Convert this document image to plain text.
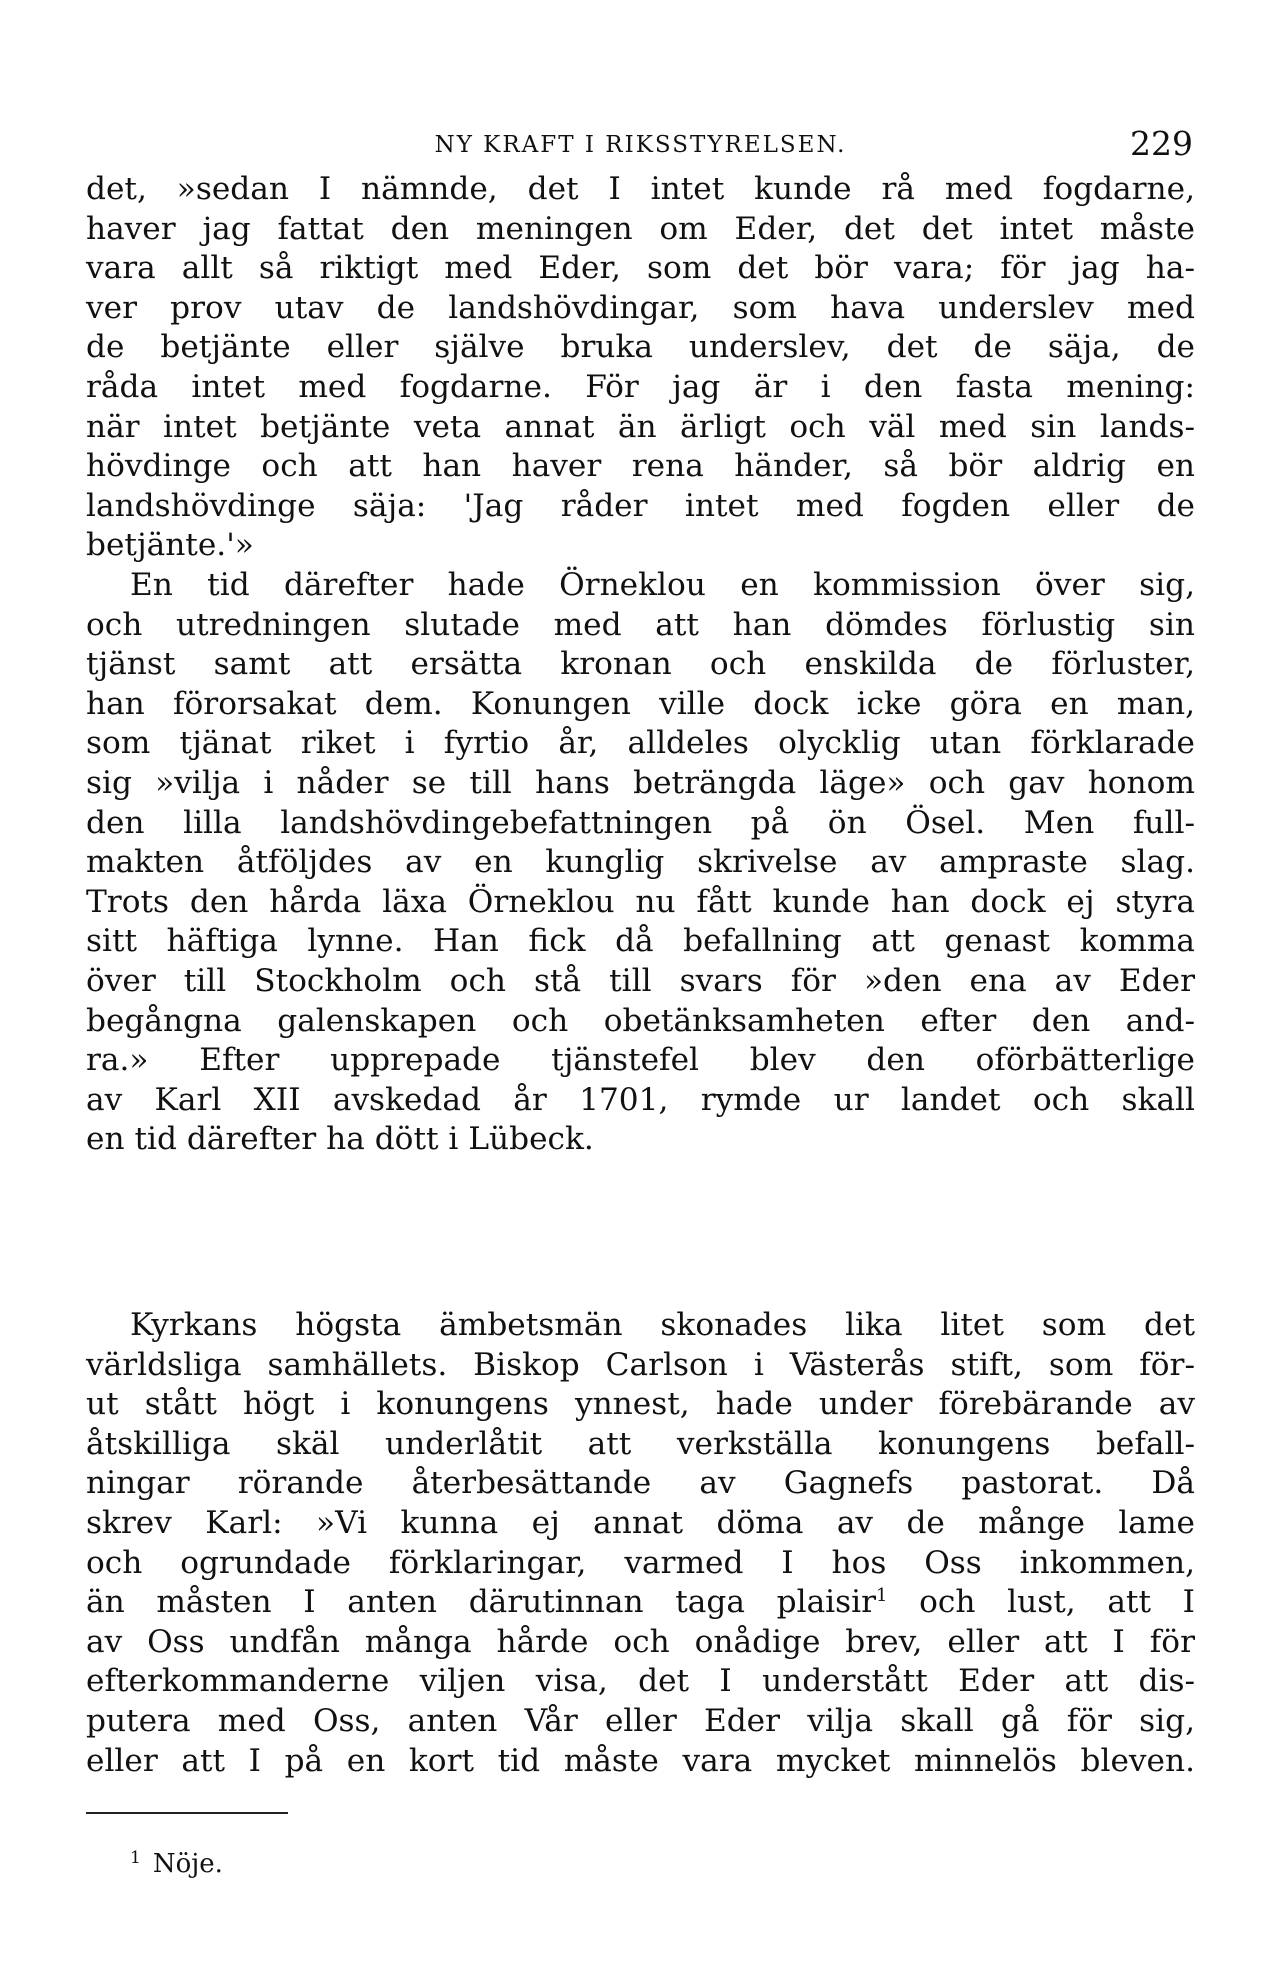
NY KRAFT I RIKSSTYRELSEN.	229
det, »sedan I nämnde, det I intet kunde rå med fogdarne,
haver jag fattat den meningen om Eder, det det intet måste
vara allt så riktigt med Eder, som det bör vara; för jag ha-
ver prov utav de landshövdingar, som hava underslev med
de betjänte eller själve bruka underslev, det de säja, de
råda intet med fogdarne. För jag är i den fasta mening:
när intet betjänte veta annat än ärligt och väl med sin lands-
hövdinge och att han haver rena händer, så bör aldrig en
landshövdinge säja: 'Jag råder intet med fogden eller de
betjänte.'»
En tid därefter hade Örneklou en kommission över sig,
och utredningen slutade med att han dömdes förlustig sin
tjänst samt att ersätta kronan och enskilda de förluster,
han förorsakat dem. Konungen ville dock icke göra en man,
som tjänat riket i fyrtio år, alldeles olycklig utan förklarade
sig »vilja i nåder se till hans beträngda läge» och gav honom
den lilla landshövdingebefattningen på ön Ösel. Men full-
makten åtföljdes av en kunglig skrivelse av ampraste slag.
Trots den hårda läxa Örneklou nu fått kunde han dock ej styra
sitt häftiga lynne. Han fick då befallning att genast komma
över till Stockholm och stå till svars för »den ena av Eder
begångna galenskapen och obetänksamheten efter den and-
ra.» Efter upprepade tjänstefel blev den oförbätterlige
av Karl XII avskedad år 1701, rymde ur landet och skall
en tid därefter ha dött i Lübeck.
Kyrkans högsta ämbetsmän skonades lika litet som det
världsliga samhällets. Biskop Carlson i Västerås stift, som för-
ut stått högt i konungens ynnest, hade under förebärande av
åtskilliga skäl underlåtit att verkställa konungens befall-
ningar rörande återbesättande av Gagnefs pastorat. Då
skrev Karl: »Vi kunna ej annat döma av de månge lame
och ogrundade förklaringar, varmed I hos Oss inkommen,
än måsten I anten därutinnan taga plaisir$^1$ och lust, att I
av Oss undfån många hårde och onådige brev, eller att I för
efterkommanderne viljen visa, det I understått Eder att dis-
putera med Oss, anten Vår eller Eder vilja skall gå för sig,
eller att I på en kort tid måste vara mycket minnelös bleven.
$^1$ Nöje.
